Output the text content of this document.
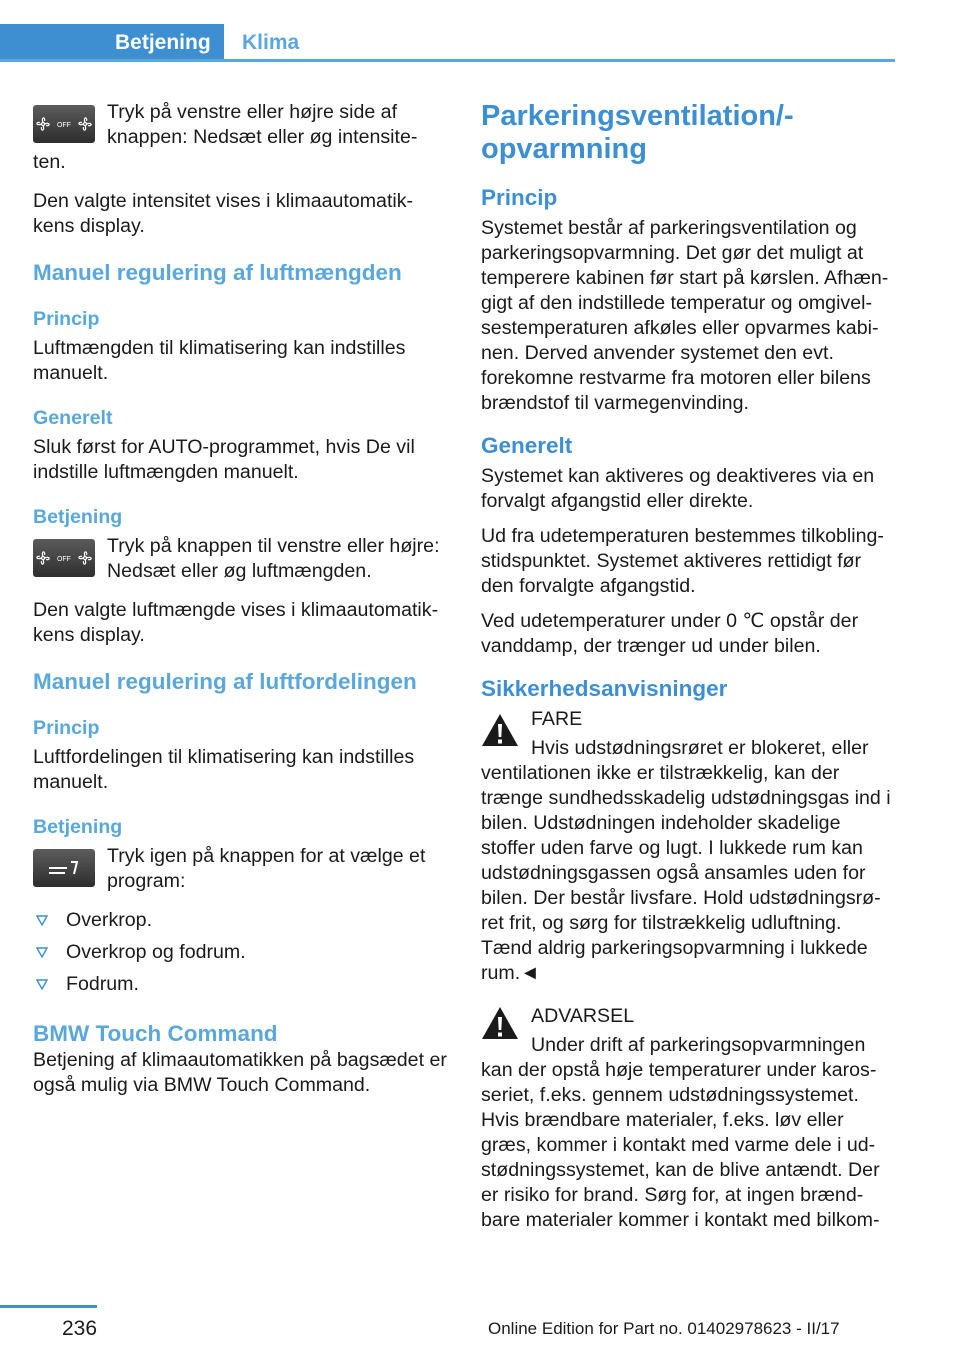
Betjening	Klima
OFF

Tryk på venstre eller højre side af knappen: Nedsæt eller øg intensite-ten.

Den valgte intensitet vises i klimaautomatik-kens display.

Manuel regulering af luftmængden
Princip

Luftmængden til klimatisering kan indstilles manuelt.

Generelt

Sluk først for AUTO-programmet, hvis De vil indstille luftmængden manuelt.

Betjening
OFF

Tryk på knappen til venstre eller højre: Nedsæt eller øg luftmængden.

Den valgte luftmængde vises i klimaautomatik-kens display.

Manuel regulering af luftfordelingen
Princip

Luftfordelingen til klimatisering kan indstilles manuelt.

Betjening

Tryk igen på knappen for at vælge et program:

Overkrop.
Overkrop og fodrum.
Fodrum.
BMW Touch Command

Betjening af klimaautomatikken på bagsædet er også mulig via BMW Touch Command.

Parkeringsventilation/-opvarmning
Princip

Systemet består af parkeringsventilation og parkeringsopvarmning. Det gør det muligt at temperere kabinen før start på kørslen. Afhæn-gigt af den indstillede temperatur og omgivel-sestemperaturen afkøles eller opvarmes kabi-nen. Derved anvender systemet den evt. forekomne restvarme fra motoren eller bilens brændstof til varmegenvinding.

Generelt

Systemet kan aktiveres og deaktiveres via en forvalgt afgangstid eller direkte.

Ud fra udetemperaturen bestemmes tilkobling-stidspunktet. Systemet aktiveres rettidigt før den forvalgte afgangstid.

Ved udetemperaturer under 0 ℃ opstår der vanddamp, der trænger ud under bilen.

Sikkerhedsanvisninger
FARE

Hvis udstødningsrøret er blokeret, eller ventilationen ikke er tilstrækkelig, kan der trænge sundhedsskadelig udstødningsgas ind i bilen. Udstødningen indeholder skadelige stoffer uden farve og lugt. I lukkede rum kan udstødningsgassen også ansamles uden for bilen. Der består livsfare. Hold udstødningsrø-ret frit, og sørg for tilstrækkelig udluftning. Tænd aldrig parkeringsopvarmning i lukkede rum.◄

ADVARSEL

Under drift af parkeringsopvarmningen kan der opstå høje temperaturer under karos-seriet, f.eks. gennem udstødningssystemet. Hvis brændbare materialer, f.eks. løv eller græs, kommer i kontakt med varme dele i ud-stødningssystemet, kan de blive antændt. Der er risiko for brand. Sørg for, at ingen brænd-bare materialer kommer i kontakt med bilkom-

236	Online Edition for Part no. 01402978623 - II/17
